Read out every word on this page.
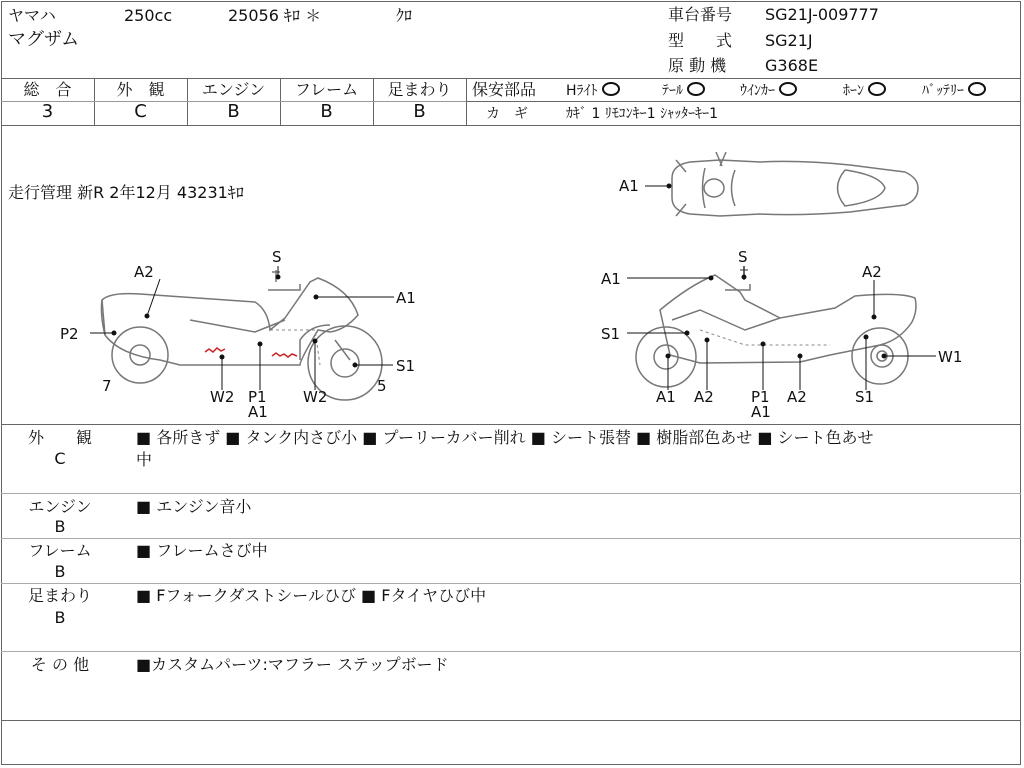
ヤマハ	250cc	25056 ｷﾛ ＊	ｸﾛ
マグザム
車台番号 SG21J-009777
型　　式 SG21J
原 動 機 G368E
総　合	外　観	エンジン	フレーム	足まわり
3	C	B	B	B
保安部品 Hﾗｲﾄ	ﾃｰﾙ	ｳｲﾝｶｰ	ﾎｰﾝ	ﾊﾞｯﾃﾘｰ
カ　ギ	ｶｷﾞ 1 ﾘﾓｺﾝｷｰ1 ｼｬｯﾀｰｷｰ1
走行管理 新R 2年12月 43231ｷﾛ	A1
A2
S
A1
P2
7
W2 P1
A1
W2
5
S1
A1
S
A2
S1
W1
A1 A2 P1
A1
A2	S1
外　　観
C
■ 各所きず ■ タンク内さび小 ■ プーリーカバー削れ ■ シート張替 ■ 樹脂部色あせ ■ シート色あせ
中
エンジン
B
■ エンジン音小
フレーム
B
■ フレームさび中
足まわり
B
■ Fフォークダストシールひび ■ Fタイヤひび中
そ の 他	■カスタムパーツ:マフラー ステップボード
